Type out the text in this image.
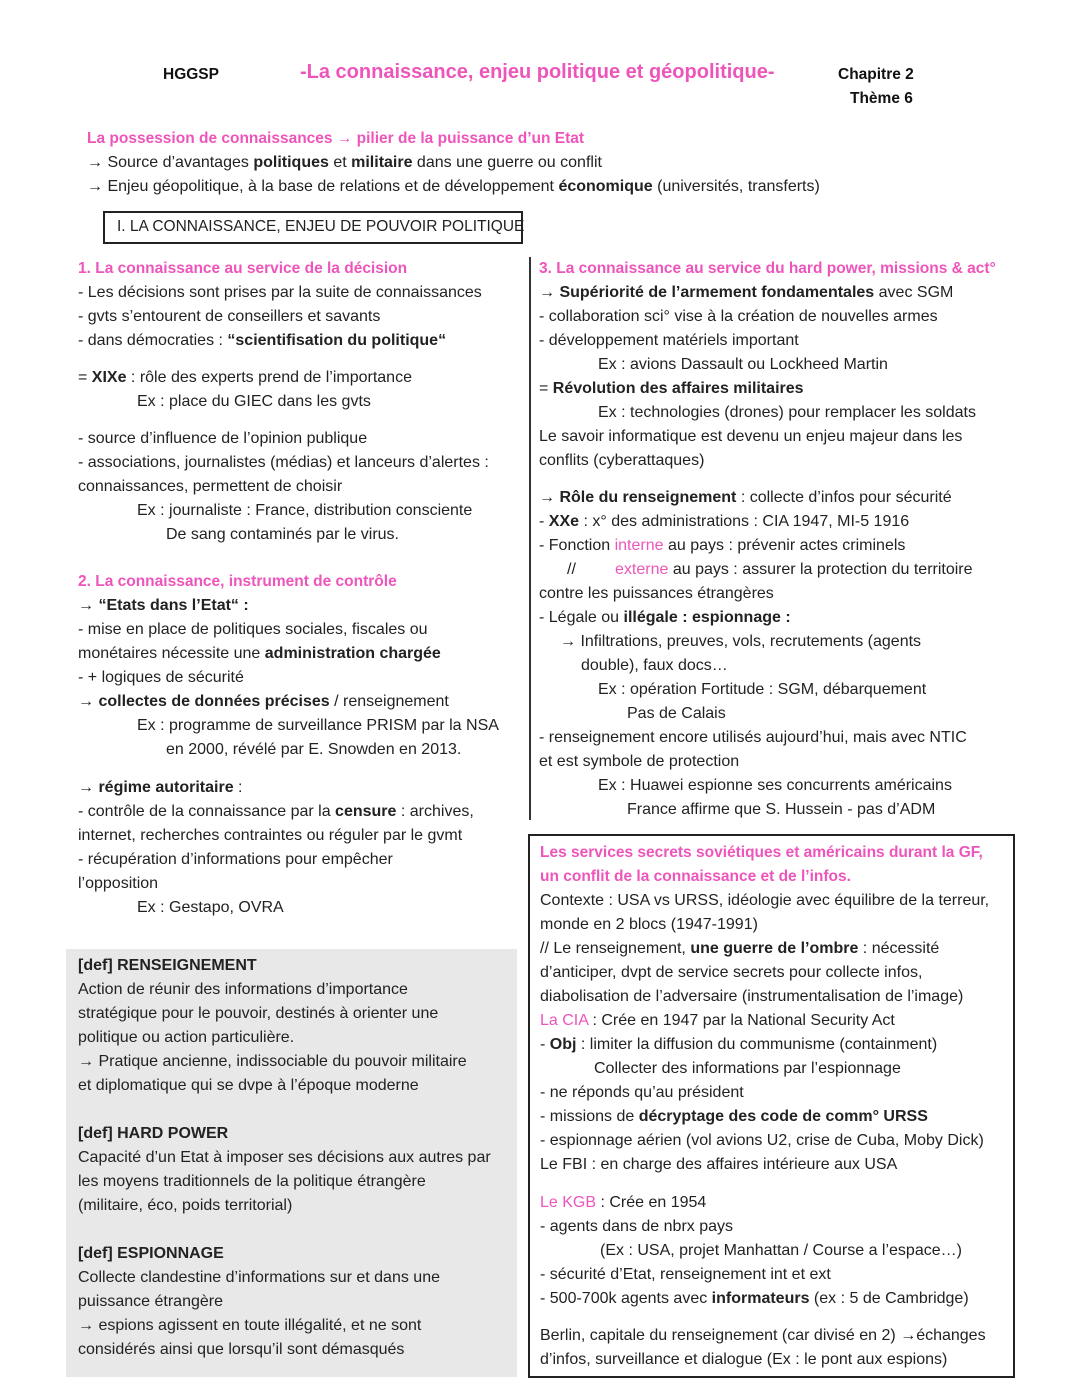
HGGSP	-La connaissance, enjeu politique et géopolitique-	Chapitre 2
Thème 6
La possession de connaissances → pilier de la puissance d’un Etat
→ Source d’avantages politiques et militaire dans une guerre ou conflit
→ Enjeu géopolitique, à la base de relations et de développement économique (universités, transferts)
I. LA CONNAISSANCE, ENJEU DE POUVOIR POLITIQUE
1. La connaissance au service de la décision
- Les décisions sont prises par la suite de connaissances
- gvts s’entourent de conseillers et savants
- dans démocraties : “scientifisation du politique“
= XIXe : rôle des experts prend de l’importance
Ex : place du GIEC dans les gvts
- source d’influence de l’opinion publique
- associations, journalistes (médias) et lanceurs d’alertes :
connaissances, permettent de choisir
Ex : journaliste : France, distribution consciente
De sang contaminés par le virus.
2. La connaissance, instrument de contrôle
→ “Etats dans l’Etat“ :
- mise en place de politiques sociales, fiscales ou
monétaires nécessite une administration chargée
- + logiques de sécurité
→ collectes de données précises / renseignement
Ex : programme de surveillance PRISM par la NSA
en 2000, révélé par E. Snowden en 2013.
→ régime autoritaire :
- contrôle de la connaissance par la censure : archives,
internet, recherches contraintes ou réguler par le gvmt
- récupération d’informations pour empêcher
l’opposition
Ex : Gestapo, OVRA
[def] RENSEIGNEMENT
Action de réunir des informations d’importance
stratégique pour le pouvoir, destinés à orienter une
politique ou action particulière.
→ Pratique ancienne, indissociable du pouvoir militaire
et diplomatique qui se dvpe à l’époque moderne
[def] HARD POWER
Capacité d’un Etat à imposer ses décisions aux autres par
les moyens traditionnels de la politique étrangère
(militaire, éco, poids territorial)
[def] ESPIONNAGE
Collecte clandestine d’informations sur et dans une
puissance étrangère
→ espions agissent en toute illégalité, et ne sont
considérés ainsi que lorsqu’il sont démasqués
3. La connaissance au service du hard power, missions & act°
→ Supériorité de l’armement fondamentales avec SGM
- collaboration sci° vise à la création de nouvelles armes
- développement matériels important
Ex : avions Dassault ou Lockheed Martin
= Révolution des affaires militaires
Ex : technologies (drones) pour remplacer les soldats
Le savoir informatique est devenu un enjeu majeur dans les
conflits (cyberattaques)
→ Rôle du renseignement : collecte d’infos pour sécurité
- XXe : x° des administrations : CIA 1947, MI-5 1916
- Fonction interne au pays : prévenir actes criminels
// externe au pays : assurer la protection du territoire
contre les puissances étrangères
- Légale ou illégale : espionnage :
→ Infiltrations, preuves, vols, recrutements (agents
double), faux docs…
Ex : opération Fortitude : SGM, débarquement
Pas de Calais
- renseignement encore utilisés aujourd’hui, mais avec NTIC
et est symbole de protection
Ex : Huawei espionne ses concurrents américains
France affirme que S. Hussein - pas d’ADM
Les services secrets soviétiques et américains durant la GF,
un conflit de la connaissance et de l’infos.
Contexte : USA vs URSS, idéologie avec équilibre de la terreur,
monde en 2 blocs (1947-1991)
// Le renseignement, une guerre de l’ombre : nécessité
d’anticiper, dvpt de service secrets pour collecte infos,
diabolisation de l’adversaire (instrumentalisation de l’image)
La CIA : Crée en 1947 par la National Security Act
- Obj : limiter la diffusion du communisme (containment)
Collecter des informations par l’espionnage
- ne réponds qu’au président
- missions de décryptage des code de comm° URSS
- espionnage aérien (vol avions U2, crise de Cuba, Moby Dick)
Le FBI : en charge des affaires intérieure aux USA
Le KGB : Crée en 1954
- agents dans de nbrx pays
(Ex : USA, projet Manhattan / Course a l’espace…)
- sécurité d’Etat, renseignement int et ext
- 500-700k agents avec informateurs (ex : 5 de Cambridge)
Berlin, capitale du renseignement (car divisé en 2) →échanges
d’infos, surveillance et dialogue (Ex : le pont aux espions)
